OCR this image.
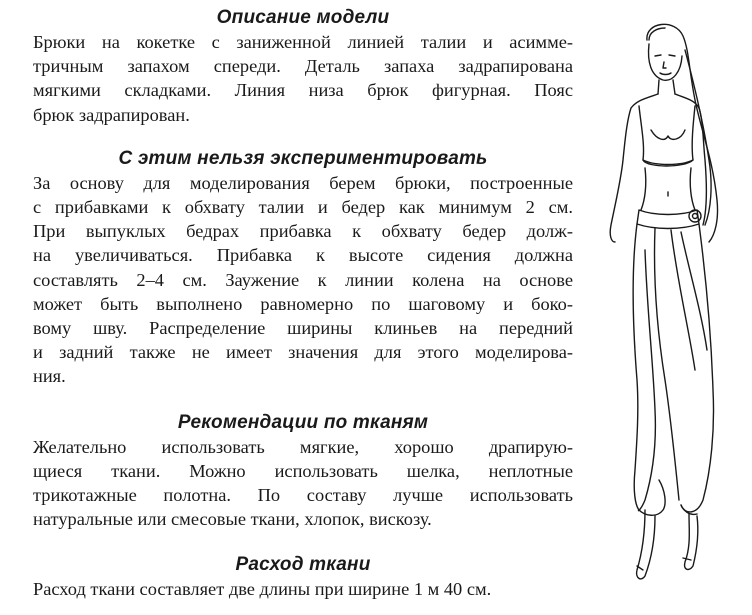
Описание модели

Брюки на кокетке с заниженной линией талии и асимме-
тричным запахом спереди. Деталь запаха задрапирована
мягкими складками. Линия низа брюк фигурная. Пояс
брюк задрапирован.

С этим нельзя экспериментировать

За основу для моделирования берем брюки, построенные
с прибавками к обхвату талии и бедер как минимум 2 см.
При выпуклых бедрах прибавка к обхвату бедер долж-
на увеличиваться. Прибавка к высоте сидения должна
составлять 2–4 см. Заужение к линии колена на основе
может быть выполнено равномерно по шаговому и боко-
вому шву. Распределение ширины клиньев на передний
и задний также не имеет значения для этого моделирова-
ния.

Рекомендации по тканям

Желательно использовать мягкие, хорошо драпирую-
щиеся ткани. Можно использовать шелка, неплотные
трикотажные полотна. По составу лучше использовать
натуральные или смесовые ткани, хлопок, вискозу.

Расход ткани

Расход ткани составляет две длины при ширине 1 м 40 см.
